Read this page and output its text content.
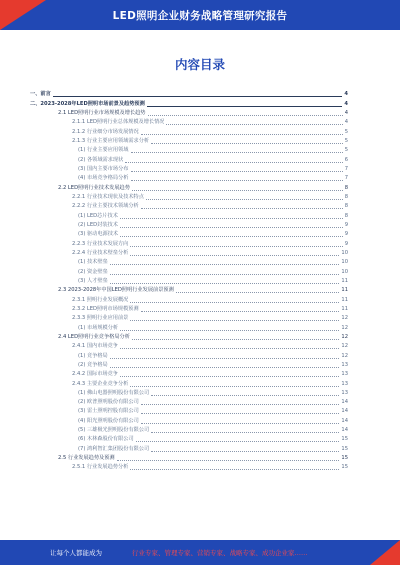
LED照明企业财务战略管理研究报告
内容目录
一、前言	4
二、2023-2028年LED照明市场前景及趋势预测	4
2.1 LED照明行业市场规模及增长趋势	4
2.1.1 LED照明行业总体规模及增长情况	4
2.1.2 行业细分市场发展情况	5
2.1.3 行业主要应用领域需求分析	5
(1) 行业主要应用领域	5
(2) 各领域需求现状	6
(3) 国内主要市场分布	7
(4) 市场竞争格局分析	7
2.2 LED照明行业技术发展趋势	8
2.2.1 行业技术现状及技术特点	8
2.2.2 行业主要技术领域分析	8
(1) LED芯片技术	8
(2) LED封装技术	9
(3) 驱动电源技术	9
2.2.3 行业技术发展方向	9
2.2.4 行业技术壁垒分析	10
(1) 技术壁垒	10
(2) 资金壁垒	10
(3) 人才壁垒	11
2.3 2023-2028年中国LED照明行业发展前景预测	11
2.3.1 照明行业发展概况	11
2.3.2 LED照明市场规模预测	11
2.3.3 照明行业应用前景	12
(1) 市场规模分析	12
2.4 LED照明行业竞争格局分析	12
2.4.1 国内市场竞争	12
(1) 竞争格局	12
(2) 竞争格局	13
2.4.2 国际市场竞争	13
2.4.3 主要企业竞争分析	13
(1) 佛山电器照明股份有限公司	13
(2) 欧普照明股份有限公司	14
(3) 雷士照明控股有限公司	14
(4) 阳光照明股份有限公司	14
(5) 三雄极光照明股份有限公司	14
(6) 木林森股份有限公司	15
(7) 鸿利智汇集团股份有限公司	15
2.5 行业发展趋势及预测	15
2.5.1 行业发展趋势分析	15
让每个人都能成为	行业专家、管理专家、营销专家、战略专家、成功企业家……
